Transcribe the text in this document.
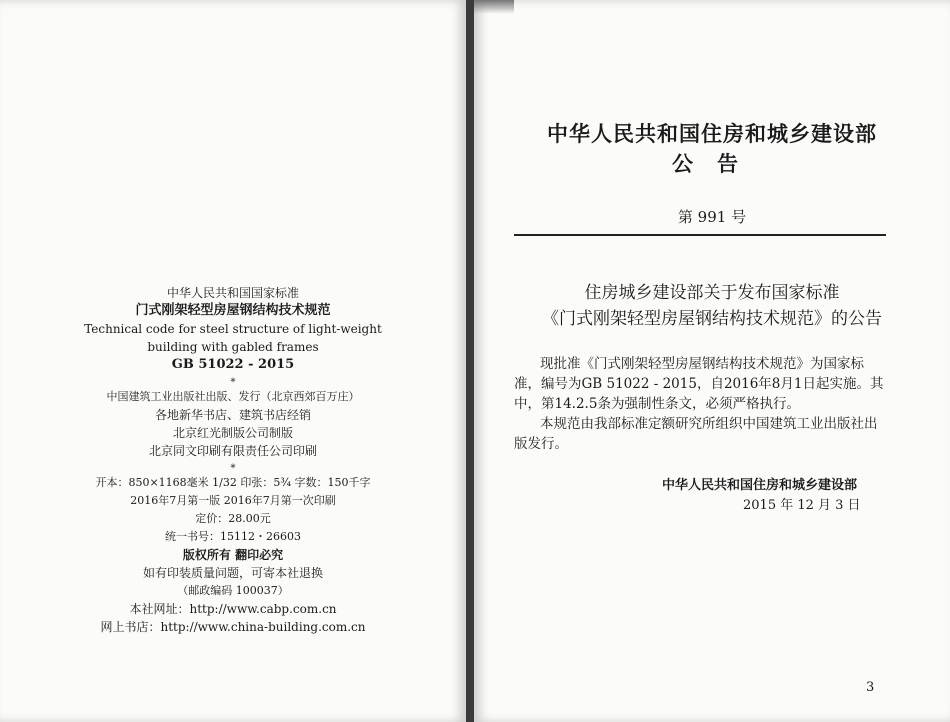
中华人民共和国国家标准
门式刚架轻型房屋钢结构技术规范
Technical code for steel structure of light-weight
building with gabled frames
GB 51022 - 2015
*
中国建筑工业出版社出版、发行（北京西郊百万庄）
各地新华书店、建筑书店经销
北京红光制版公司制版
北京同文印刷有限责任公司印刷
*
开本：850×1168毫米 1/32 印张：5¾ 字数：150千字
2016年7月第一版 2016年7月第一次印刷
定价：28.00元
统一书号：15112・26603
版权所有 翻印必究
如有印装质量问题，可寄本社退换
（邮政编码 100037）
本社网址：http://www.cabp.com.cn
网上书店：http://www.china-building.com.cn
中华人民共和国住房和城乡建设部
公告
第 991 号
住房城乡建设部关于发布国家标准
《门式刚架轻型房屋钢结构技术规范》的公告
现批准《门式刚架轻型房屋钢结构技术规范》为国家标准，编号为GB 51022 - 2015，自2016年8月1日起实施。其中，第14.2.5条为强制性条文，必须严格执行。
本规范由我部标准定额研究所组织中国建筑工业出版社出版发行。
中华人民共和国住房和城乡建设部
2015 年 12 月 3 日
3
